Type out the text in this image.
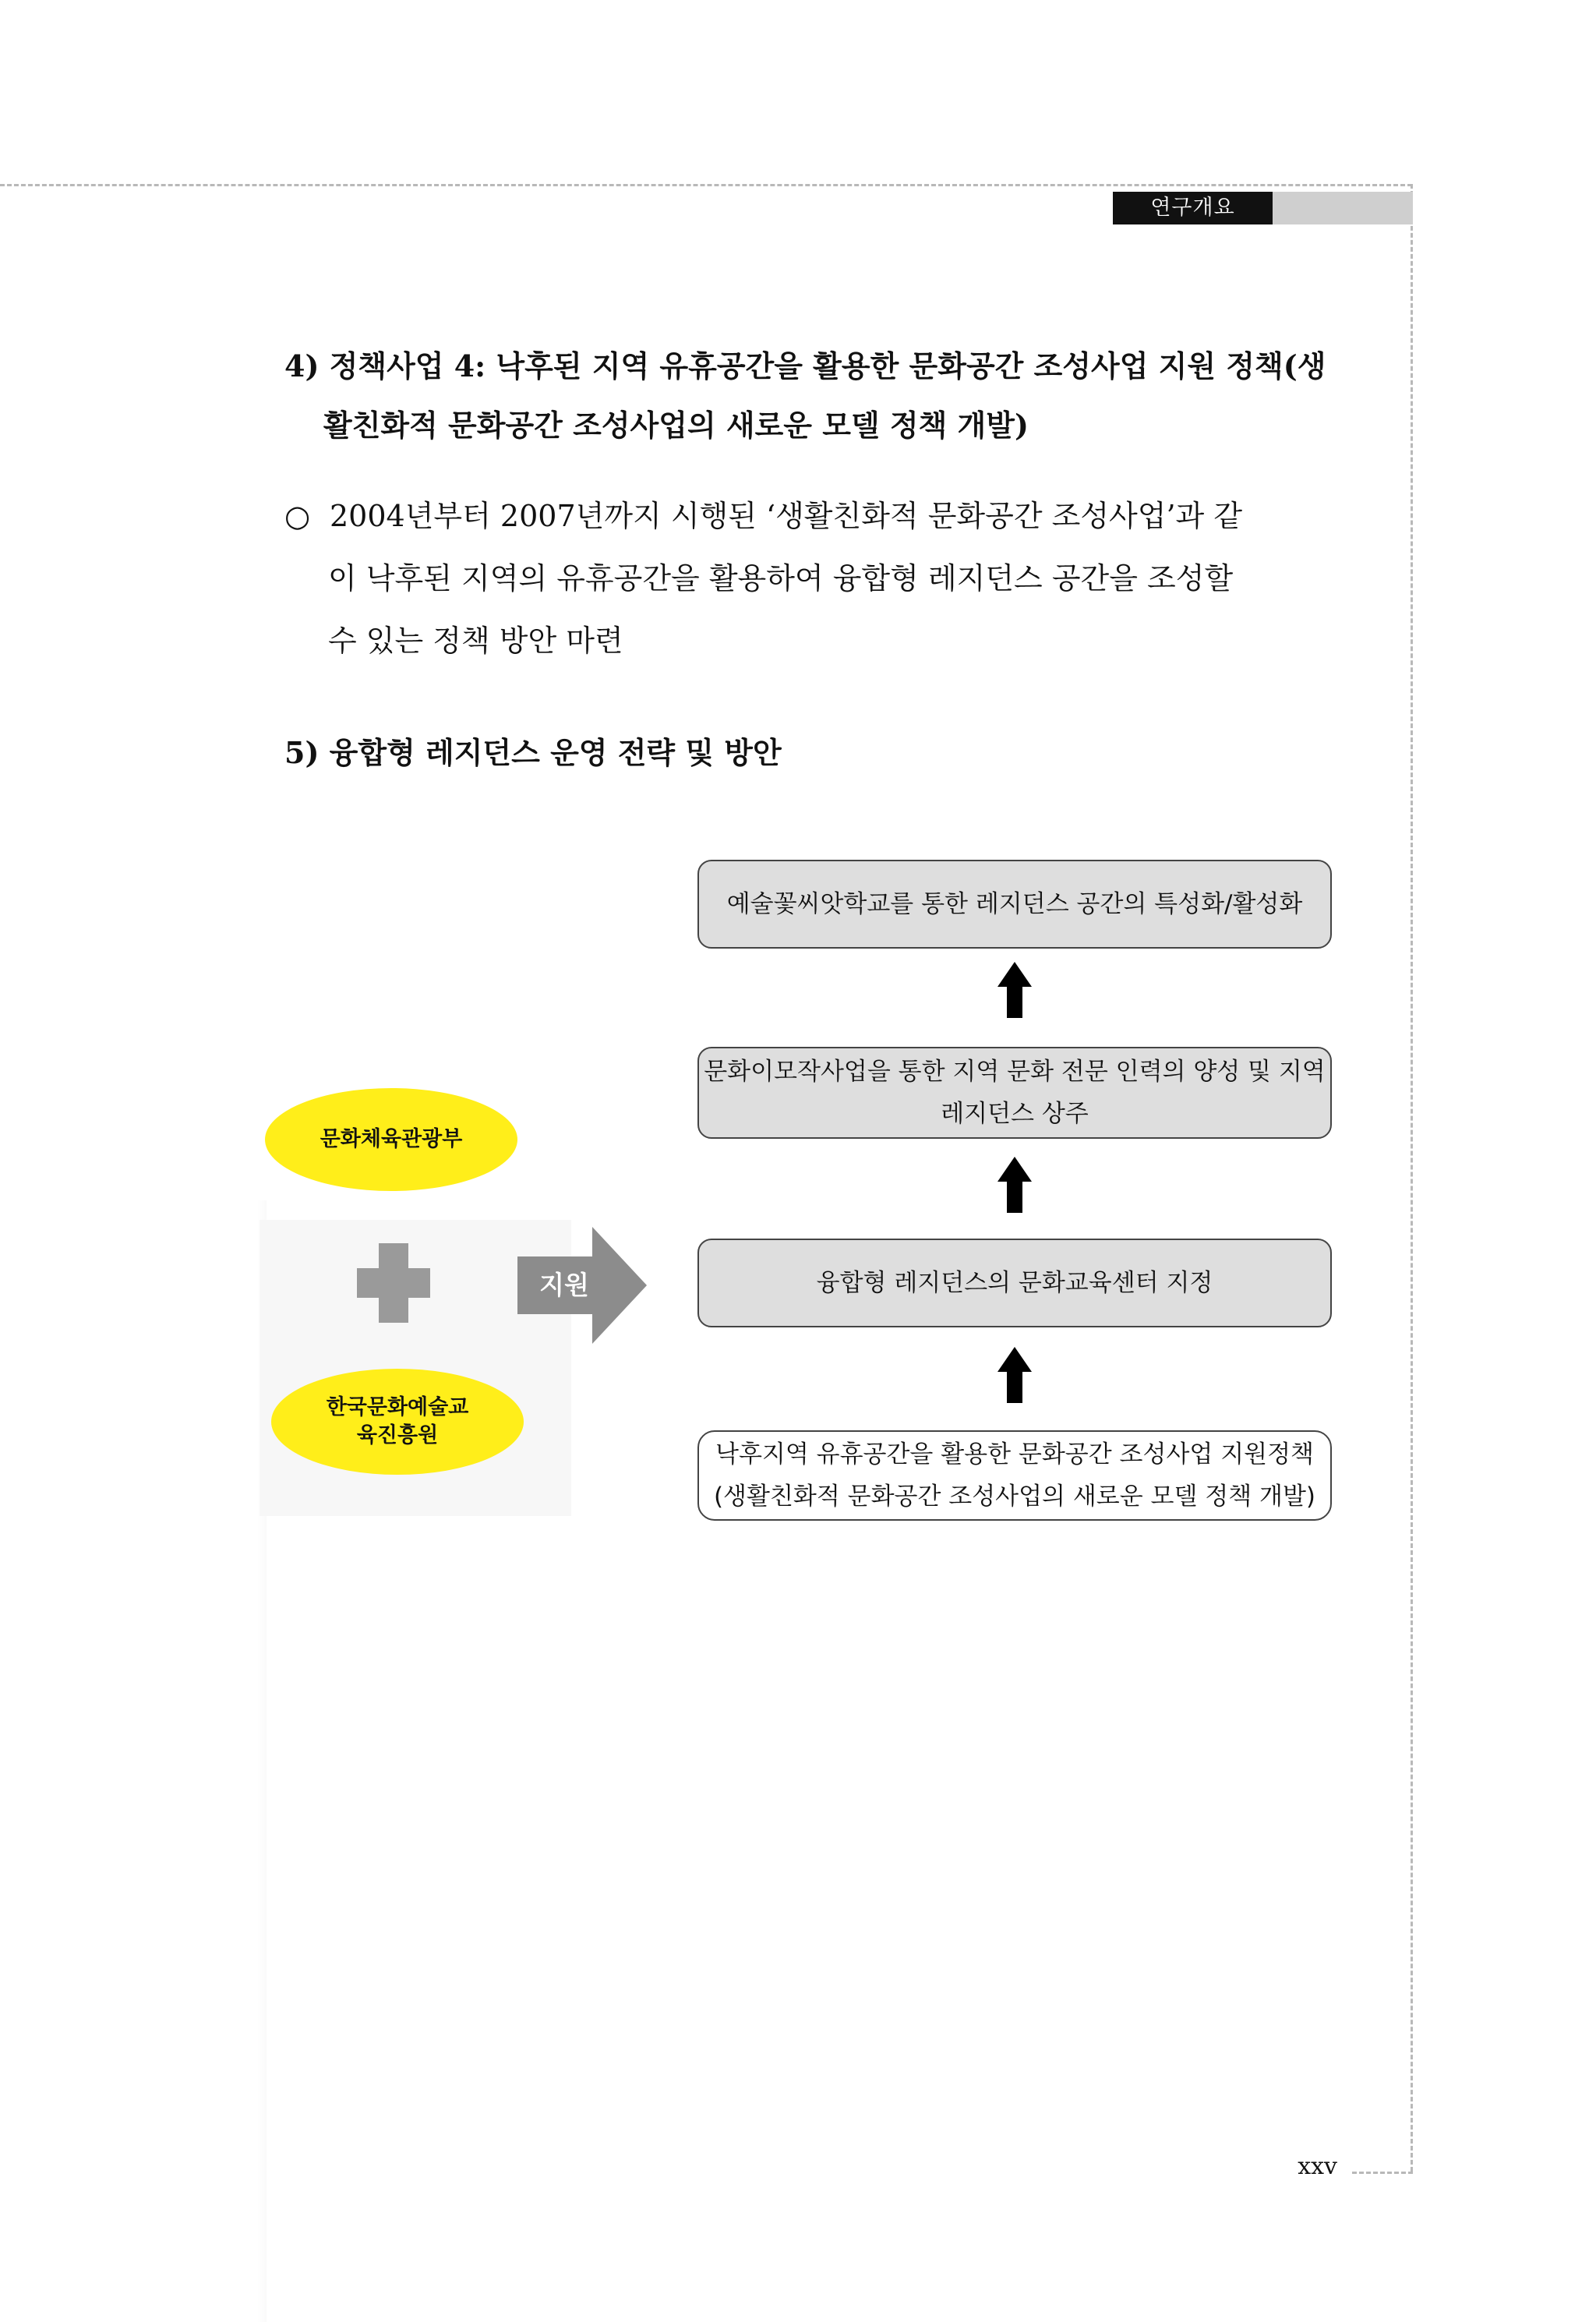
연구개요
4) 정책사업 4: 낙후된 지역 유휴공간을 활용한 문화공간 조성사업 지원 정책(생
활친화적 문화공간 조성사업의 새로운 모델 정책 개발)
○ 2004년부터 2007년까지 시행된 ‘생활친화적 문화공간 조성사업’과 같
이 낙후된 지역의 유휴공간을 활용하여 융합형 레지던스 공간을 조성할
수 있는 정책 방안 마련
5) 융합형 레지던스 운영 전략 및 방안
예술꽃씨앗학교를 통한 레지던스 공간의 특성화/활성화
문화이모작사업을 통한 지역 문화 전문 인력의 양성 및 지역
레지던스 상주
융합형 레지던스의 문화교육센터 지정
낙후지역 유휴공간을 활용한 문화공간 조성사업 지원정책
(생활친화적 문화공간 조성사업의 새로운 모델 정책 개발)
문화체육관광부
한국문화예술교
육진흥원
지원
xxv
